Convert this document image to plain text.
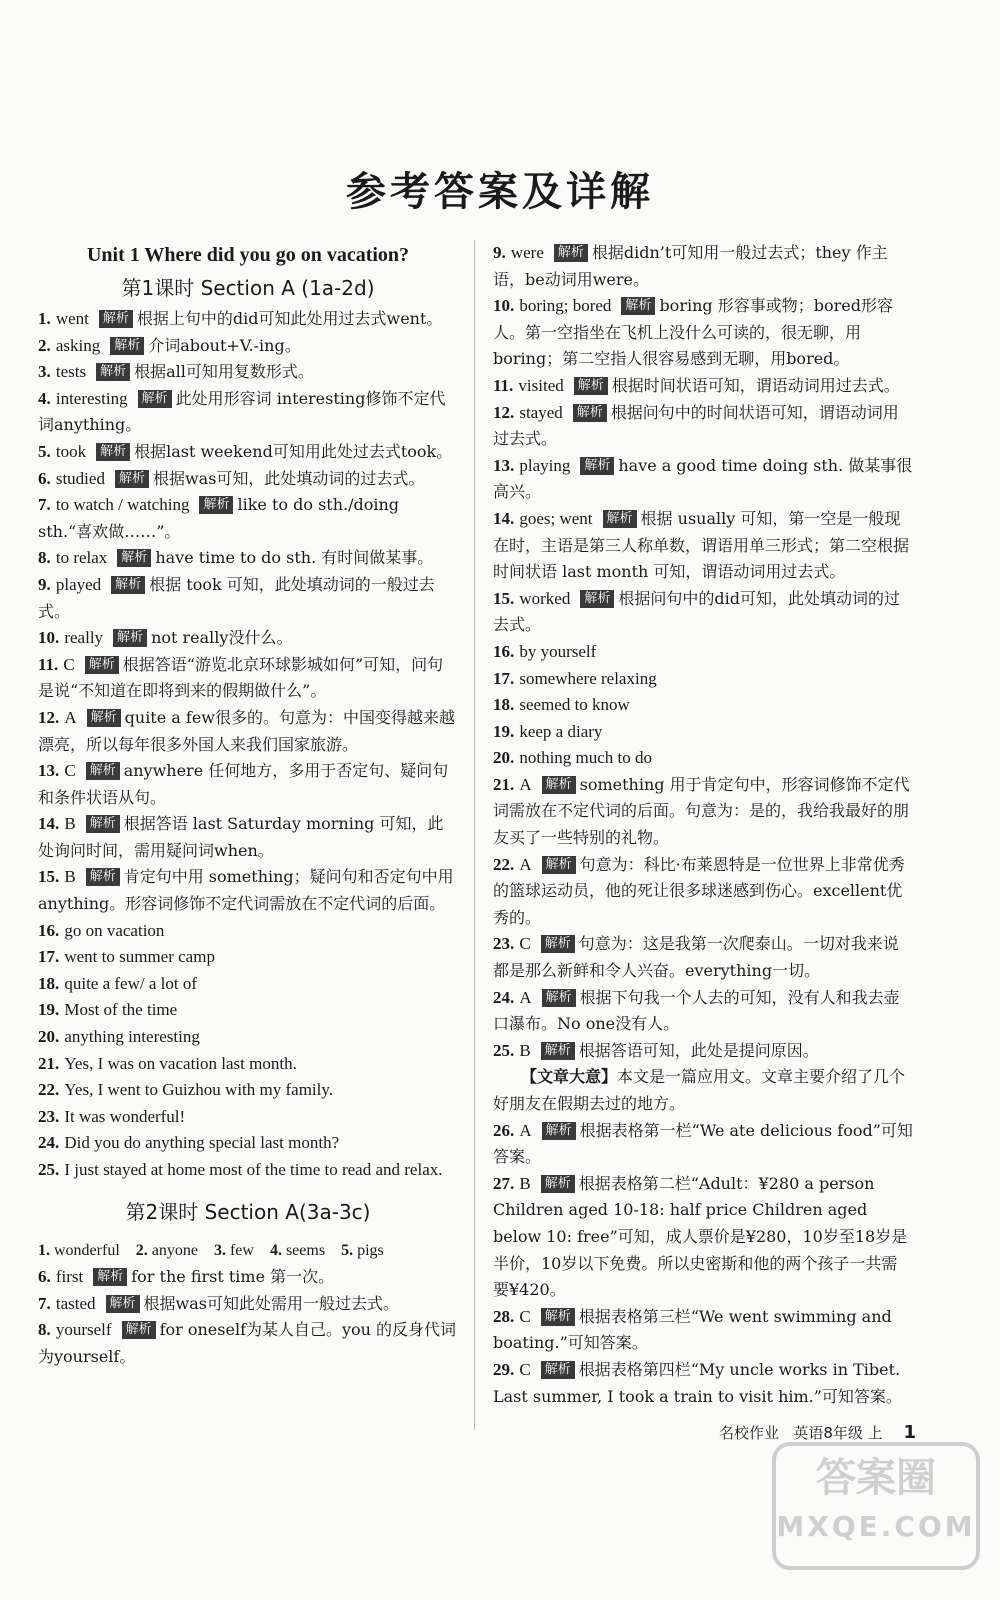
参考答案及详解
Unit 1 Where did you go on vacation?
第1课时 Section A (1a-2d)
1. went 解析 根据上句中的did可知此处用过去式went。
2. asking 解析 介词about+V.-ing。
3. tests 解析 根据all可知用复数形式。
4. interesting 解析 此处用形容词 interesting修饰不定代词anything。
5. took 解析 根据last weekend可知用此处过去式took。
6. studied 解析 根据was可知，此处填动词的过去式。
7. to watch / watching 解析 like to do sth./doing sth.“喜欢做……”。
8. to relax 解析 have time to do sth. 有时间做某事。
9. played 解析 根据 took 可知，此处填动词的一般过去式。
10. really 解析 not really没什么。
11. C 解析 根据答语“游览北京环球影城如何”可知，问句是说“不知道在即将到来的假期做什么”。
12. A 解析 quite a few很多的。句意为：中国变得越来越漂亮，所以每年很多外国人来我们国家旅游。
13. C 解析 anywhere 任何地方，多用于否定句、疑问句和条件状语从句。
14. B 解析 根据答语 last Saturday morning 可知，此处询问时间，需用疑问词when。
15. B 解析 肯定句中用 something；疑问句和否定句中用anything。形容词修饰不定代词需放在不定代词的后面。
16. go on vacation
17. went to summer camp
18. quite a few/ a lot of
19. Most of the time
20. anything interesting
21. Yes, I was on vacation last month.
22. Yes, I went to Guizhou with my family.
23. It was wonderful!
24. Did you do anything special last month?
25. I just stayed at home most of the time to read and relax.
第2课时 Section A(3a-3c)
1. wonderful 2. anyone 3. few 4. seems 5. pigs
6. first 解析 for the first time 第一次。
7. tasted 解析 根据was可知此处需用一般过去式。
8. yourself 解析 for oneself为某人自己。you 的反身代词为yourself。
9. were 解析 根据didn’t可知用一般过去式；they 作主语，be动词用were。
10. boring; bored 解析 boring 形容事或物；bored形容人。第一空指坐在飞机上没什么可读的，很无聊，用boring；第二空指人很容易感到无聊，用bored。
11. visited 解析 根据时间状语可知，谓语动词用过去式。
12. stayed 解析 根据问句中的时间状语可知，谓语动词用过去式。
13. playing 解析 have a good time doing sth. 做某事很高兴。
14. goes; went 解析 根据 usually 可知，第一空是一般现在时，主语是第三人称单数，谓语用单三形式；第二空根据时间状语 last month 可知，谓语动词用过去式。
15. worked 解析 根据问句中的did可知，此处填动词的过去式。
16. by yourself
17. somewhere relaxing
18. seemed to know
19. keep a diary
20. nothing much to do
21. A 解析 something 用于肯定句中，形容词修饰不定代词需放在不定代词的后面。句意为：是的，我给我最好的朋友买了一些特别的礼物。
22. A 解析 句意为：科比·布莱恩特是一位世界上非常优秀的篮球运动员，他的死让很多球迷感到伤心。excellent优秀的。
23. C 解析 句意为：这是我第一次爬泰山。一切对我来说都是那么新鲜和令人兴奋。everything一切。
24. A 解析 根据下句我一个人去的可知，没有人和我去壶口瀑布。No one没有人。
25. B 解析 根据答语可知，此处是提问原因。
【文章大意】本文是一篇应用文。文章主要介绍了几个好朋友在假期去过的地方。
26. A 解析 根据表格第一栏“We ate delicious food”可知答案。
27. B 解析 根据表格第二栏“Adult：¥280 a person Children aged 10-18: half price Children aged below 10: free”可知，成人票价是¥280，10岁至18岁是半价，10岁以下免费。所以史密斯和他的两个孩子一共需要¥420。
28. C 解析 根据表格第三栏“We went swimming and boating.”可知答案。
29. C 解析 根据表格第四栏“My uncle works in Tibet. Last summer, I took a train to visit him.”可知答案。
名校作业 英语8年级 上 1
答案圈
MXQE.COM
